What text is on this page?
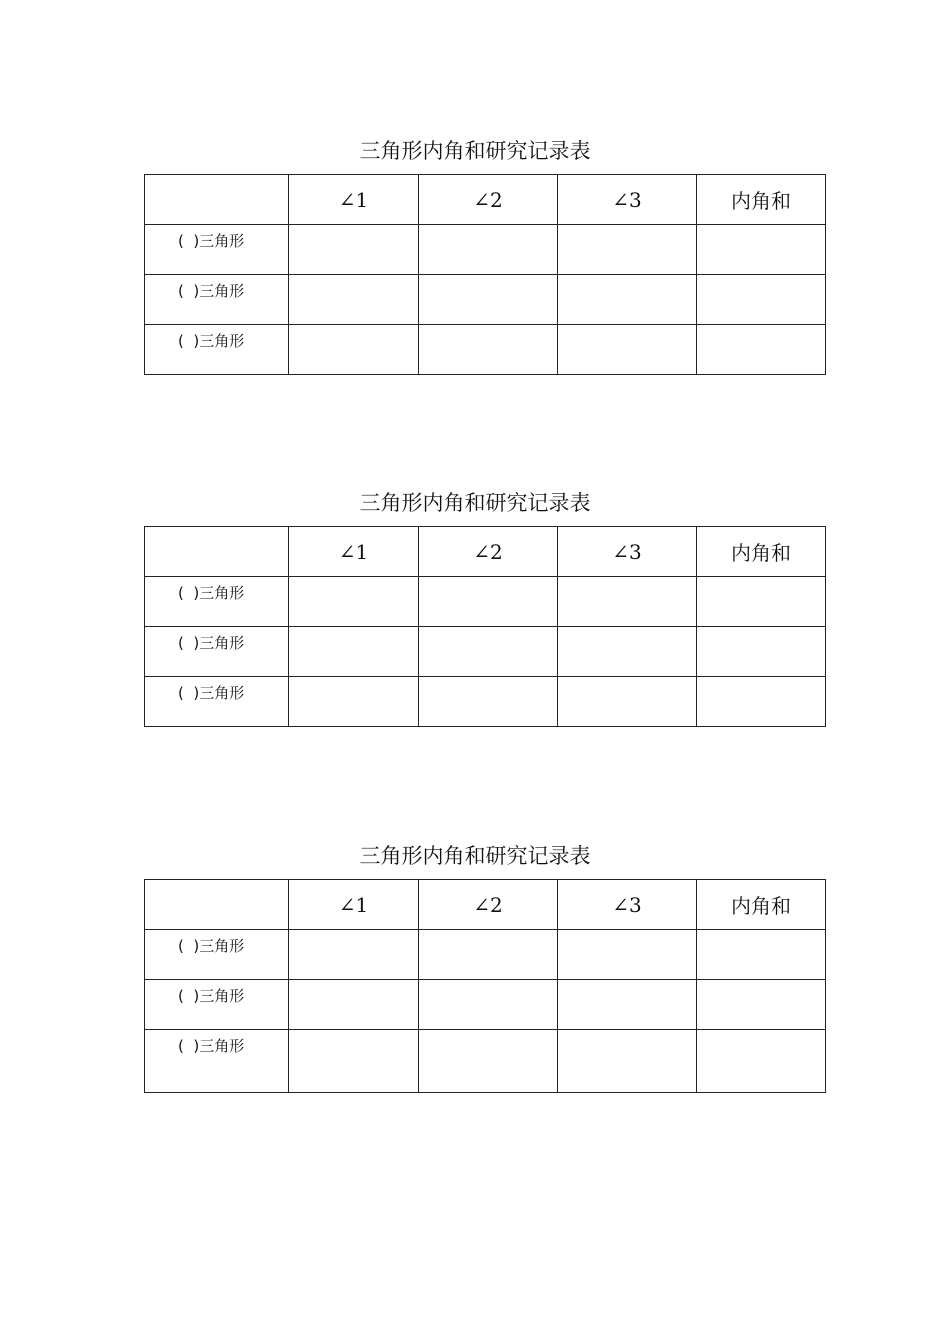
三角形内角和研究记录表
	∠1	∠2	∠3	内角和
(  )三角形				
(  )三角形				
(  )三角形				
三角形内角和研究记录表
	∠1	∠2	∠3	内角和
(  )三角形				
(  )三角形				
(  )三角形				
三角形内角和研究记录表
	∠1	∠2	∠3	内角和
(  )三角形				
(  )三角形				
(  )三角形				
